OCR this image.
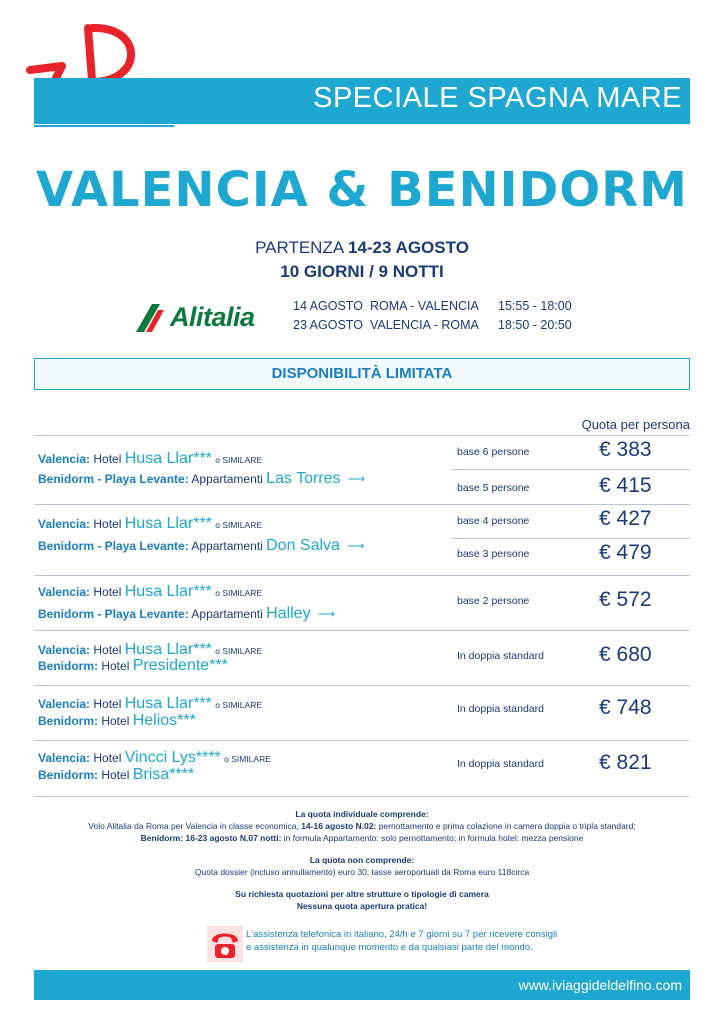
SPECIALE SPAGNA MARE
VALENCIA & BENIDORM
PARTENZA 14-23 AGOSTO
10 GIORNI / 9 NOTTI
Alitalia	14 AGOSTO ROMA - VALENCIA	15:55 - 18:00
23 AGOSTO VALENCIA - ROMA	18:50 - 20:50
DISPONIBILITÀ LIMITATA
Quota per persona
Valencia: Hotel Husa Llar*** o SIMILARE
Benidorm - Playa Levante: Appartamenti Las Torres ⟶
base 6 persone	€ 383
base 5 persone	€ 415
Valencia: Hotel Husa Llar*** o SIMILARE
Benidorm - Playa Levante: Appartamenti Don Salva ⟶
base 4 persone	€ 427
base 3 persone	€ 479
Valencia: Hotel Husa Llar*** o SIMILARE
Benidorm - Playa Levante: Appartamenti Halley ⟶
base 2 persone	€ 572
Valencia: Hotel Husa Llar*** o SIMILARE
Benidorm: Hotel Presidente***
In doppia standard	€ 680
Valencia: Hotel Husa Llar*** o SIMILARE
Benidorm: Hotel Helios***
In doppia standard	€ 748
Valencia: Hotel Vincci Lys**** o SIMILARE
Benidorm: Hotel Brisa****
In doppia standard	€ 821
La quota individuale comprende:
Volo Alitalia da Roma per Valencia in classe economica, 14-16 agosto N.02: pernottamento e prima colazione in camera doppia o tripla standard;
Benidorm: 16-23 agosto N.07 notti: in formula Appartamento: solo pernottamento; in formula hotel: mezza pensione
La quota non comprende:
Quota dossier (incluso annullamento) euro 30, tasse aeroportuali da Roma euro 118circa
Su richiesta quotazioni per altre strutture o tipologie di camera
Nessuna quota apertura pratica!
L'assistenza telefonica in italiano, 24/h e 7 giorni su 7 per ricevere consigli
e assistenza in qualunque momento e da qualsiasi parte del mondo.
www.iviaggideldelfino.com
